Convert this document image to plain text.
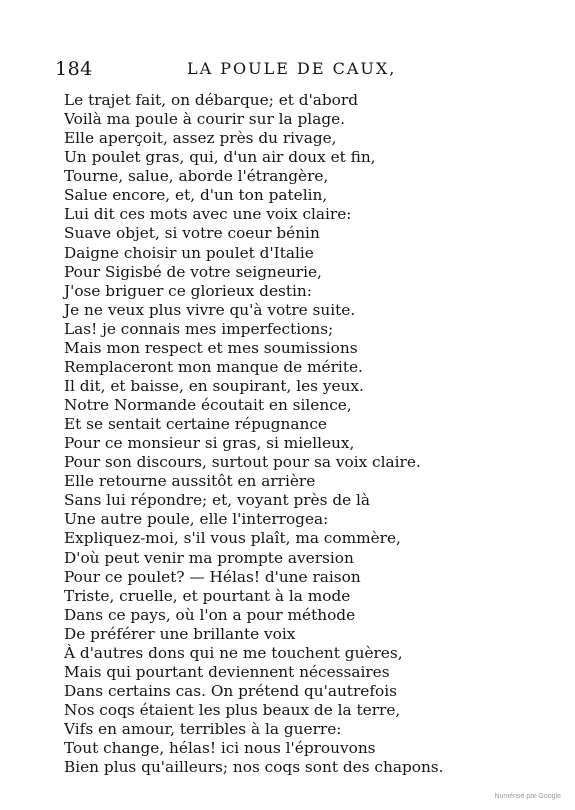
184	LA POULE DE CAUX,
Le trajet fait, on débarque; et d'abord
Voilà ma poule à courir sur la plage.
Elle aperçoit, assez près du rivage,
Un poulet gras, qui, d'un air doux et fin,
Tourne, salue, aborde l'étrangère,
Salue encore, et, d'un ton patelin,
Lui dit ces mots avec une voix claire:
Suave objet, si votre coeur bénin
Daigne choisir un poulet d'Italie
Pour Sigisbé de votre seigneurie,
J'ose briguer ce glorieux destin:
Je ne veux plus vivre qu'à votre suite.
Las! je connais mes imperfections;
Mais mon respect et mes soumissions
Remplaceront mon manque de mérite.
Il dit, et baisse, en soupirant, les yeux.
Notre Normande écoutait en silence,
Et se sentait certaine répugnance
Pour ce monsieur si gras, si mielleux,
Pour son discours, surtout pour sa voix claire.
Elle retourne aussitôt en arrière
Sans lui répondre; et, voyant près de là
Une autre poule, elle l'interrogea:
Expliquez-moi, s'il vous plaît, ma commère,
D'où peut venir ma prompte aversion
Pour ce poulet? — Hélas! d'une raison
Triste, cruelle, et pourtant à la mode
Dans ce pays, où l'on a pour méthode
De préférer une brillante voix
À d'autres dons qui ne me touchent guères,
Mais qui pourtant deviennent nécessaires
Dans certains cas. On prétend qu'autrefois
Nos coqs étaient les plus beaux de la terre,
Vifs en amour, terribles à la guerre:
Tout change, hélas! ici nous l'éprouvons
Bien plus qu'ailleurs; nos coqs sont des chapons.
Numérisé par Google
